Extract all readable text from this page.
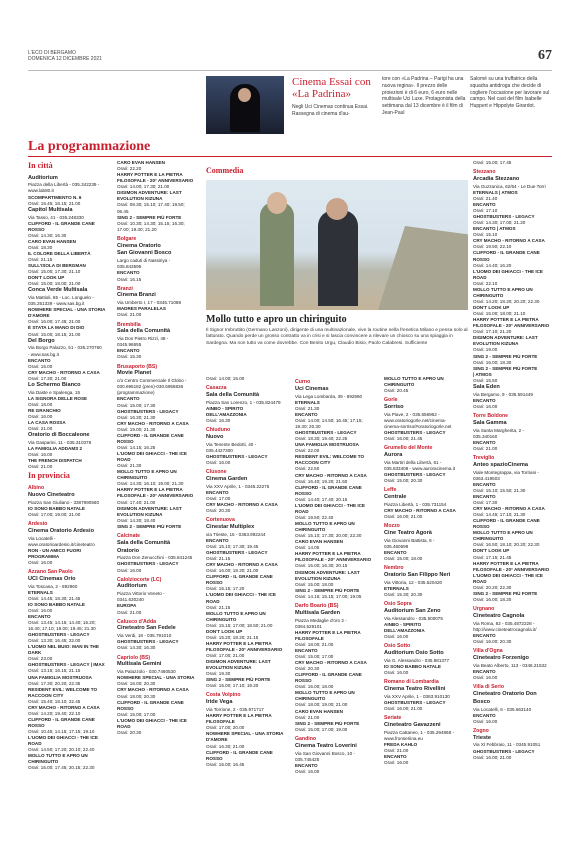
L'ECO DI BERGAMO
DOMENICA 12 DICEMBRE 2021	67
Cinema Essai con «La Padrina»
Negli Uci Cinemas continua Essai. Rassegna di cinema d'au-
tore con «La Padrina – Parigi ha una nuova regina». Il prezzo delle proiezioni è di 6 euro, 6 euro nelle multisale Uci Luxe. Protagonista della settimana dal 13 dicembre è il film di Jean-Paul
Salomé su una truffatrice della squadra antidroga che decide di cogliere l'occasione per lavorare sul campo. Nel cast del film Isabelle Huppert e Hippolyte Girardot.
La programmazione
In città
Auditorium
Piazza della Libertà - 035.342239 -
www.lab80.it
SCOMPARTIMENTO N. 6
Orari: 15.45; 18.15; 21.00
Capitol Multisala
Via Tasso, 41 - 035.248330
CLIFFORD - IL GRANDE CANE
ROSSO
Orari: 14.30; 16.30
CARO EVAN HANSEN
Orari: 18.30
IL COLORE DELLA LIBERTÀ
Orari: 21.15
SULL'ISOLA DI BERGMAN
Orari: 15.00; 17.30; 21.10
DON'T LOOK UP
Orari: 15.00; 18.00; 21.00
Conca Verde Multisala
Via Mattioli, 65 - Loc. Longuelo -
035.251339 - www.sas.bg.it
NOWHERE SPECIAL - UNA STORIA
D'AMORE
Orari: 16.00; 17.45; 21.00
È STATA LA MANO DI DIO
Orari: 15.00; 18.15; 21.00
Del Borgo
Via Borgo Palazzo, 51 - 035.270760
- www.sas.bg.it
ENCANTO
Orari: 15.00
CRY MACHO - RITORNO A CASA
Orari: 17.30; 21.00
Lo Schermo Bianco
Via Daste e Spalenga, 15
LA SIGNORA DELLE ROSE
Orari: 18.00
RE GRANCHIO
Orari: 16.00
LA CASA ROSSA
Orari: 21.00
Oratorio di Boccaleone
Via Gasparini, 11 - 035.310378
LA FAMIGLIA ADDAMS 2
Orari: 16.00
THE FRENCH DISPATCH
Orari: 21.00
In provincia
Albino
Nuovo Cineteatro
Piazza San Giuliano - 3387990560
IO SONO BABBO NATALE
Orari: 17.00; 19.00; 21.00
Ardesio
Cinema Oratorio Ardesio
Via Locatelli -
www.oratorioardesio.it/cineteatro
RON - UN AMICO FUORI
PROGRAMMA
Orari: 16.00
Azzano San Paolo
UCI Cinemas Orio
Via Toscana, 2 - 892960
ETERNALS
Orari: 14.45; 18.30; 21.45
IO SONO BABBO NATALE
Orari: 16.00
ENCANTO
Orari: 13.45; 14.15; 14.40; 15.20;
16.40; 17.10; 19.00; 19.45; 21.30
GHOSTBUSTERS - LEGACY
Orari: 13.30; 16.45; 22.00
L'UOMO NEL BUIO: MAN IN THE
DARK
Orari: 23.00
GHOSTBUSTERS - LEGACY | IMAX
Orari: 13.15; 16.15; 21.15
UNA FAMIGLIA MOSTRUOSA
Orari: 17.30; 20.20; 22.35
RESIDENT EVIL: WELCOME TO
RACCOON CITY
Orari: 15.40; 18.10; 22.45
CRY MACHO - RITORNO A CASA
Orari: 14.20; 19.40; 22.10
CLIFFORD - IL GRANDE CANE
ROSSO
Orari: 10.45; 14.15; 17.15; 19.10
L'UOMO DEI GHIACCI - THE ICE
ROAD
Orari: 14.50; 17.20; 20.10; 22.40
MOLLO TUTTO E APRO UN
CHIRINGUITO
Orari: 15.00; 17.45; 20.15; 22.30
CARO EVAN HANSEN
Orari: 22.20
HARRY POTTER E LA PIETRA
FILOSOFALE - 20° ANNIVERSARIO
Orari: 14.00; 17.30; 21.00
DIGIMON ADVENTURE: LAST
EVOLUTION KIZUNA
Orari: 08.30; 15.10; 17.40; 19.50;
06.45
SING 2 - SEMPRE PIÙ FORTE
Orari: 10.30; 14.30; 15.15; 16.30;
17.00; 19.30; 21.20
Bolgare
Cinema Oratorio
San Giovanni Bosco
Largo caduti di Nassiriya -
035.843595
ENCANTO
Orari: 16.15
Branzi
Cinema Branzi
Via Umberto I, 17 - 0345.71088
MADRES PARALELAS
Orari: 21.00
Brembilla
Sala della Comunità
Via Don Pietro Rizzi, 48 -
0345.98655
ENCANTO
Orari: 15.30
Brusaporto (BS)
Movie Planet
c/o Centro Commerciale Il Globo -
030.695182 (pren)-030.6956836
(programmazione)
ENCANTO
Orari: 15.00; 17.30
GHOSTBUSTERS - LEGACY
Orari: 16.30; 21.30
CRY MACHO - RITORNO A CASA
Orari: 19.00; 21.30
CLIFFORD - IL GRANDE CANE
ROSSO
Orari: 14.15; 16.25
L'UOMO DEI GHIACCI - THE ICE
ROAD
Orari: 21.30
MOLLO TUTTO E APRO UN
CHIRINGUITO
Orari: 14.30; 16.10; 19.00; 21.30
HARRY POTTER E LA PIETRA
FILOSOFALE - 20° ANNIVERSARIO
Orari: 17.40; 21.00
DIGIMON ADVENTURE: LAST
EVOLUTION KIZUNA
Orari: 14.30; 18.40
SING 2 - SEMPRE PIÙ FORTE
Calcinate
Sala della Comunità
Oratorio
Piazza Don Zenucchini - 035.841245
GHOSTBUSTERS - LEGACY
Orari: 16.00
Calolziocorte (LC)
Auditorium
Piazza Vittorio Veneto -
0341.630240
EUROPA
Orari: 21.00
Calusco d'Adda
Cineteatro San Fedele
Via Verdi, 18 - 035.791010
GHOSTBUSTERS - LEGACY
Orari: 14.30; 16.30
Capriolo (BS)
Multisala Gemini
Via Palazzolo - 030.7460530
NOWHERE SPECIAL - UNA STORIA
Orari: 16.00; 20.30
CRY MACHO - RITORNO A CASA
Orari: 18.00; 20.30
CLIFFORD - IL GRANDE CANE
ROSSO
Orari: 15.00; 17.00
L'UOMO DEI GHIACCI - THE ICE
ROAD
Orari: 20.30
Commedia
Mollo tutto e apro un chiringuito
Il Signor Imbruttito (Germano Lanzoni), dirigente di una multinazionale, vive la routine nella frenetica Milano e pensa solo al fatturato. Quando perde un grosso contratto va in crisi e si lascia convincere a rilevare un chiosco su una spiaggia in Sardegna. Ma non tutto va come dovrebbe. Con Benito Urgu, Claudio Bisio, Paolo Calabresi. Sufficiente
Orari: 14.00; 15.00
Casazza
Sala della Comunità
Piazza San Lorenzo, 1 - 035.824479
AINBO - SPIRITO
DELL'AMAZZONIA
Orari: 16.30
Chiuduno
Nuovo
Via Tenente Bedotti, 40 -
035.4427300
GHOSTBUSTERS - LEGACY
Orari: 16.00
Clusone
Cinema Garden
Via XXV Aprile, 1 - 0346.22275
ENCANTO
Orari: 17.00
CRY MACHO - RITORNO A CASA
Orari: 20.30
Cortenuova
Cinestar Multiplex
via Trieste, 15 - 0363.992244
ENCANTO
Orari: 15.10; 17.30; 19.45
GHOSTBUSTERS - LEGACY
Orari: 21.15
CRY MACHO - RITORNO A CASA
Orari: 16.00; 18.20; 21.00
CLIFFORD - IL GRANDE CANE
ROSSO
Orari: 15.15; 17.20
L'UOMO DEI GHIACCI - THE ICE
ROAD
Orari: 21.15
MOLLO TUTTO E APRO UN
CHIRINGUITO
Orari: 15.15; 17.00; 18.50; 21.00
DON'T LOOK UP
Orari: 15.20; 18.20; 21.15
HARRY POTTER E LA PIETRA
FILOSOFALE - 20° ANNIVERSARIO
Orari: 17.00; 21.00
DIGIMON ADVENTURE: LAST
EVOLUTION KIZUNA
Orari: 19.30
SING 2 - SEMPRE PIÙ FORTE
Orari: 15.00; 17.10; 19.20
Costa Volpino
Iride Vega
Via Torrione, 2 - 035.971717
HARRY POTTER E LA PIETRA
FILOSOFALE
Orari: 17.00; 20.00
NOWHERE SPECIAL - UNA STORIA
D'AMORE
Orari: 16.30; 21.00
CLIFFORD - IL GRANDE CANE
ROSSO
Orari: 15.00; 16.45
Curno
Uci Cinemas
Via Lega Lombarda, 39 - 892960
ETERNALS
Orari: 21.30
ENCANTO
Orari: 14.00; 14.50; 16.45; 17.15;
19.30; 20.30
GHOSTBUSTERS - LEGACY
Orari: 18.30; 19.40; 22.25
UNA FAMIGLIA MOSTRUOSA
Orari: 22.00
RESIDENT EVIL: WELCOME TO
RACCOON CITY
Orari: 22.50
CRY MACHO - RITORNO A CASA
Orari: 16.40; 19.20; 21.50
CLIFFORD - IL GRANDE CANE
ROSSO
Orari: 14.40; 17.40; 20.15
L'UOMO DEI GHIACCI - THE ICE
ROAD
Orari: 19.50; 22.40
MOLLO TUTTO E APRO UN
CHIRINGUITO
Orari: 15.10; 17.30; 20.00; 22.30
CARO EVAN HANSEN
Orari: 14.05
HARRY POTTER E LA PIETRA
FILOSOFALE - 20° ANNIVERSARIO
Orari: 15.00; 16.30; 20.15
DIGIMON ADVENTURE: LAST
EVOLUTION KIZUNA
Orari: 15.00; 18.00
SING 2 - SEMPRE PIÙ FORTE
Orari: 14.15; 15.15; 17.00; 19.05
Darfo Boario (BS)
Multisala Garden
Piazza Medaglie d'oro 2 -
0364.529101
HARRY POTTER E LA PIETRA
FILOSOFALE
Orari: 18.00; 21.00
ENCANTO
Orari: 15.00; 17.00
CRY MACHO - RITORNO A CASA
Orari: 20.30
CLIFFORD - IL GRANDE CANE
ROSSO
Orari: 15.00; 18.00
MOLLO TUTTO E APRO UN
CHIRINGUITO
Orari: 18.00; 19.00; 21.00
CARO EVAN HANSEN
Orari: 21.00
SING 2 - SEMPRE PIÙ FORTE
Orari: 15.00; 17.00; 19.00
Gandino
Cinema Teatro Loverini
Via San Giovanni Bosco, 10 -
035.745425
ENCANTO
Orari: 16.00
MOLLO TUTTO E APRO UN
CHIRINGUITO
Orari: 20.45
Gorle
Sorriso
Via Piave, 2 - 035.656962 -
www.oratoriogorle.net/cinema-
cinema-sorriso/#oratoriogorle.net
GHOSTBUSTERS - LEGACY
Orari: 16.00; 21.45
Grumello del Monte
Aurora
Via Martiri della Libertà, 61 -
035.833408 - www.auroracinema.it
GHOSTBUSTERS - LEGACY
Orari: 15.00; 20.30
Leffe
Centrale
Piazza Libertà, 1 - 035.731154
CRY MACHO - RITORNO A CASA
Orari: 16.00; 21.00
Mozzo
Cine Teatro Agorà
Via Giovanni Battista, 6 -
035.460598
ENCANTO
Orari: 15.00; 18.00
Nembro
Oratorio San Filippo Neri
Via Vittoria, 12 - 035.520420
ETERNALS
Orari: 15.30; 20.30
Osio Sopra
Auditorium San Zeno
Via Alessandro - 035.500075
AINBO - SPIRITO
DELL'AMAZZONIA
Orari: 16.00
Osio Sotto
Auditorium Osio Sotto
Via G. Alessandro - 035.881377
IO SONO BABBO NATALE
Orari: 16.00
Romano di Lombardia
Cinema Teatro Rivellini
Via XXV Aprile, 1 - 0363.910130
GHOSTBUSTERS - LEGACY
Orari: 16.00; 21.00
Seriate
Cineteatro Gavazzeni
Piazza Cattaneo, 1 - 035.294868 -
www.fronseriina.eu
FREDA KAHLO
Orari: 21.00
ENCANTO
Orari: 16.00
Orari: 15.00; 17.45
Stezzano
Arcadia Stezzano
Via Guzzanica, 62/64 - Le Due Torri
ETERNALS | ATMOS
Orari: 21.40
ENCANTO
Orari: 17.10
GHOSTBUSTERS - LEGACY
Orari: 14.30; 17.00; 21.20
ENCANTO | ATMOS
Orari: 15.10
CRY MACHO - RITORNO A CASA
Orari: 19.50; 22.10
CLIFFORD - IL GRANDE CANE
ROSSO
Orari: 14.40; 16.20
L'UOMO DEI GHIACCI - THE ICE
ROAD
Orari: 22.10
MOLLO TUTTO E APRO UN
CHIRINGUITO
Orari: 14.20; 18.20; 20.20; 22.30
DON'T LOOK UP
Orari: 15.00; 18.00; 21.10
HARRY POTTER E LA PIETRA
FILOSOFALE - 20° ANNIVERSARIO
Orari: 17.10; 21.20
DIGIMON ADVENTURE: LAST
EVOLUTION KIZUNA
Orari: 19.00
SING 2 - SEMPRE PIÙ FORTE
Orari: 16.00; 18.30
SING 2 - SEMPRE PIÙ FORTE
| ATMOS
Orari: 15.50
Sala Eden
Via Bergamo, 9 - 035.591449
ENCANTO
Orari: 16.00
Torre Boldone
Sala Gamma
Via Santa Margherita, 2 -
035.340160
ENCANTO
Orari: 21.00
Treviglio
Anteo spazioCinema
Viale Montegrappa, via Torriani -
0363.419503
ENCANTO
Orari: 15.10; 15.50; 21.30
ENCANTO
Orari: 17.30
CRY MACHO - RITORNO A CASA
Orari: 14.45; 17.10; 21.30
CLIFFORD - IL GRANDE CANE
ROSSO
MOLLO TUTTO E APRO UN
CHIRINGUITO
Orari: 16.50; 18.10; 20.20; 22.30
DON'T LOOK UP
Orari: 17.15; 21.45
HARRY POTTER E LA PIETRA
FILOSOFALE - 20° ANNIVERSARIO
L'UOMO DEI GHIACCI - THE ICE
ROAD
Orari: 20.20; 22.30
SING 2 - SEMPRE PIÙ FORTE
Orari: 16.00; 18.20
Urgnano
Cineteatro Cagnola
Via Roma, 82 - 035.4872228 -
http://www.cineteatrocagnola.it/
ENCANTO
Orari: 16.00; 20.30
Villa d'Ogna
Cineteatro Forzenigo
Via Beato Alberto, 113 - 0346.21532
ENCANTO
Orari: 16.00
Villa di Serio
Cineteatro Oratorio Don
Bosco
Via Locatelli, 6 - 035.663140
ENCANTO
Orari: 16.00
Zogno
Trieste
Via XI Febbraio, 11 - 0345.91051
GHOSTBUSTERS - LEGACY
Orari: 16.00; 21.00
